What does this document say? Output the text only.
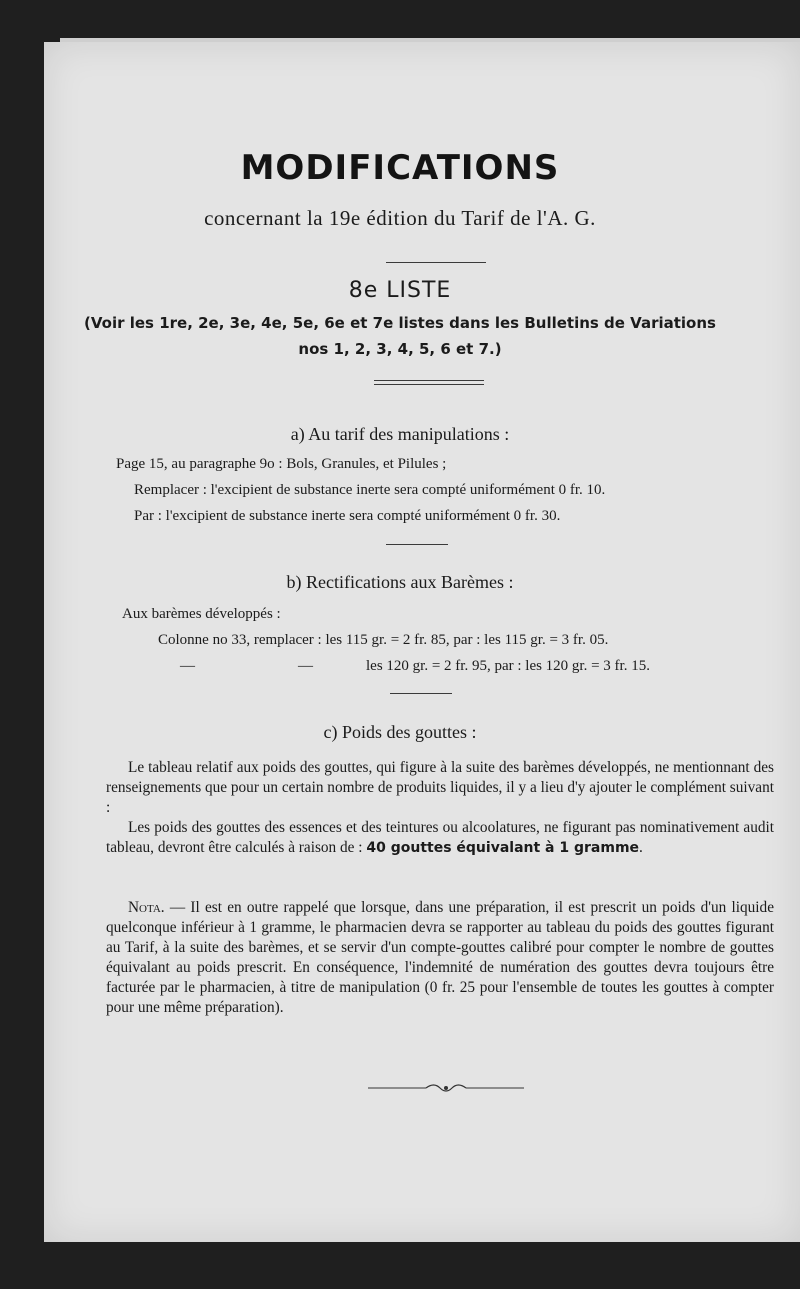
MODIFICATIONS
concernant la 19e édition du Tarif de l'A. G.
8e LISTE
(Voir les 1re, 2e, 3e, 4e, 5e, 6e et 7e listes dans les Bulletins de Variations
nos 1, 2, 3, 4, 5, 6 et 7.)
a) Au tarif des manipulations :
Page 15, au paragraphe 9o : Bols, Granules, et Pilules ;
Remplacer : l'excipient de substance inerte sera compté uniformément 0 fr. 10.
Par : l'excipient de substance inerte sera compté uniformément 0 fr. 30.
b) Rectifications aux Barèmes :
Aux barèmes développés :
Colonne no 33, remplacer : les 115 gr. = 2 fr. 85, par : les 115 gr. = 3 fr. 05.
—	—	les 120 gr. = 2 fr. 95, par : les 120 gr. = 3 fr. 15.
c) Poids des gouttes :
Le tableau relatif aux poids des gouttes, qui figure à la suite des barèmes développés, ne mentionnant des renseignements que pour un certain nombre de produits liquides, il y a lieu d'y ajouter le complément suivant :
Les poids des gouttes des essences et des teintures ou alcoolatures, ne figurant pas nominativement audit tableau, devront être calculés à raison de : 40 gouttes équivalant à 1 gramme.
Nota. — Il est en outre rappelé que lorsque, dans une préparation, il est prescrit un poids d'un liquide quelconque inférieur à 1 gramme, le pharmacien devra se rapporter au tableau du poids des gouttes figurant au Tarif, à la suite des barèmes, et se servir d'un compte-gouttes calibré pour compter le nombre de gouttes équivalant au poids prescrit. En conséquence, l'indemnité de numération des gouttes devra toujours être facturée par le pharmacien, à titre de manipulation (0 fr. 25 pour l'ensemble de toutes les gouttes à compter pour une même préparation).
